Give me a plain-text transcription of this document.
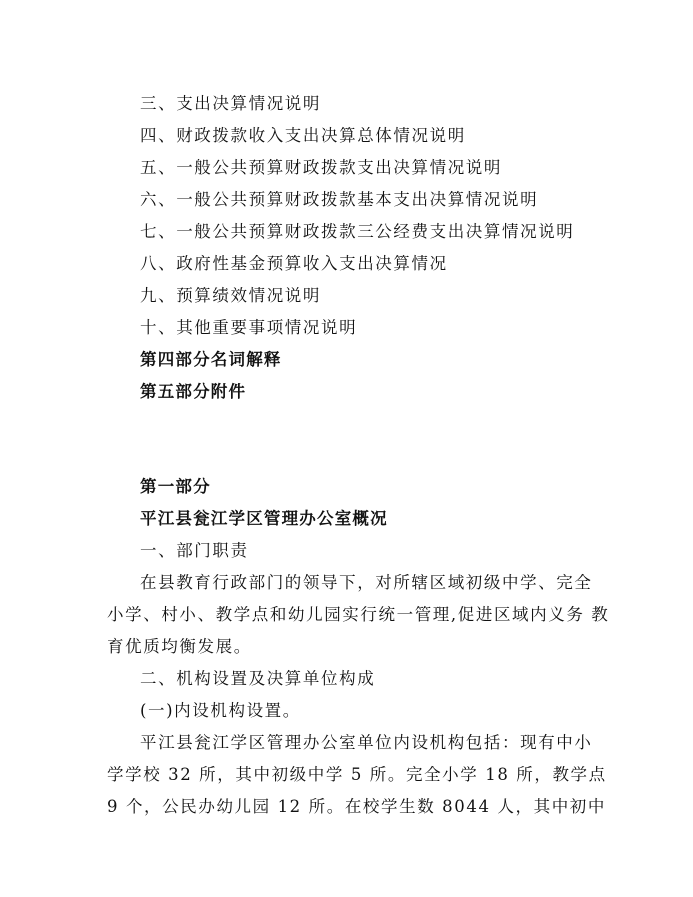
三、支出决算情况说明
四、财政拨款收入支出决算总体情况说明
五、一般公共预算财政拨款支出决算情况说明
六、一般公共预算财政拨款基本支出决算情况说明
七、一般公共预算财政拨款三公经费支出决算情况说明
八、政府性基金预算收入支出决算情况
九、预算绩效情况说明
十、其他重要事项情况说明
第四部分名词解释
第五部分附件
第一部分
平江县瓮江学区管理办公室概况
一、部门职责
在县教育行政部门的领导下，对所辖区域初级中学、完全
小学、村小、教学点和幼儿园实行统一管理,促进区域内义务 教
育优质均衡发展。
二、机构设置及决算单位构成
(一)内设机构设置。
平江县瓮江学区管理办公室单位内设机构包括：现有中小
学学校 32 所，其中初级中学 5 所。完全小学 18 所，教学点
9 个，公民办幼儿园 12 所。在校学生数 8044 人，其中初中
